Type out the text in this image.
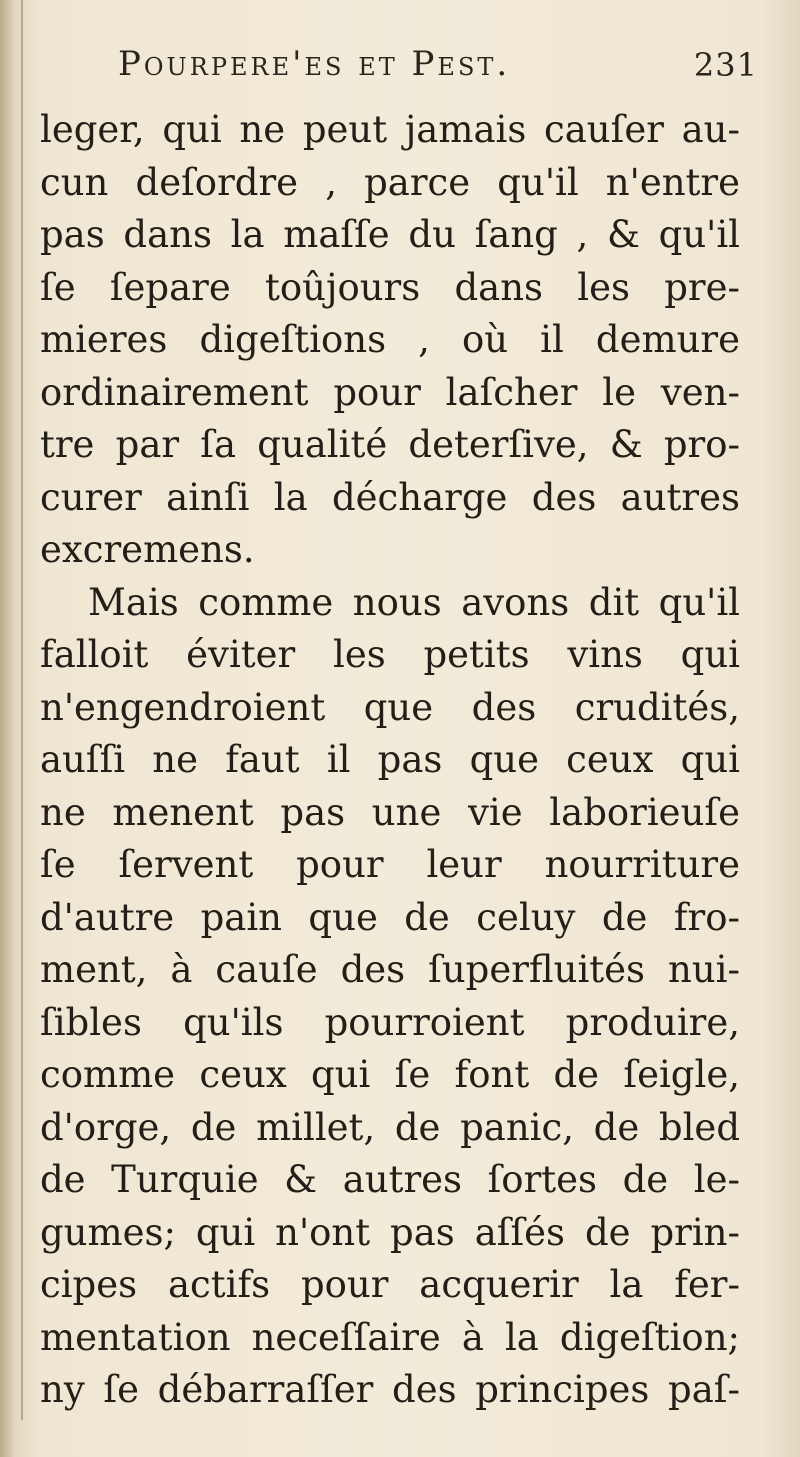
Pourpere'es et Pest.	231
leger, qui ne peut jamais cauſer au-
cun deſordre , parce qu'il n'entre
pas dans la maſſe du ſang , & qu'il
ſe ſepare toûjours dans les pre-
mieres digeſtions , où il demure
ordinairement pour laſcher le ven-
tre par ſa qualité deterſive, & pro-
curer ainſi la décharge des autres
excremens.
Mais comme nous avons dit qu'il
falloit éviter les petits vins qui
n'engendroient que des crudités,
auſſi ne faut il pas que ceux qui
ne menent pas une vie laborieuſe
ſe ſervent pour leur nourriture
d'autre pain que de celuy de fro-
ment, à cauſe des ſuperfluités nui-
ſibles qu'ils pourroient produire,
comme ceux qui ſe font de ſeigle,
d'orge, de millet, de panic, de bled
de Turquie & autres ſortes de le-
gumes; qui n'ont pas aſſés de prin-
cipes actifs pour acquerir la fer-
mentation neceſſaire à la digeſtion;
ny ſe débarraſſer des principes paſ-
